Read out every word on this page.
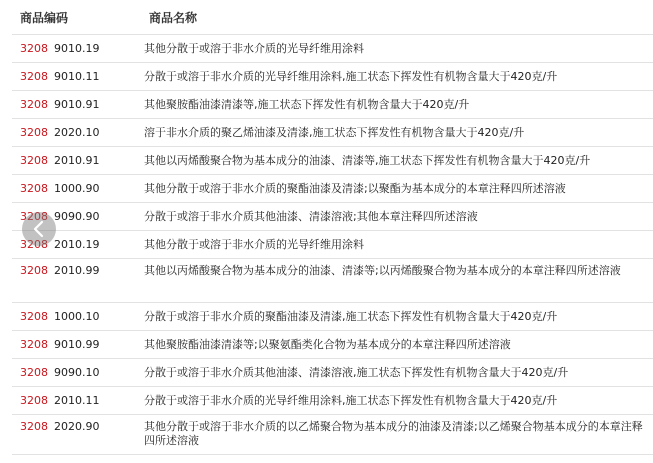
商品编码	商品名称
3208 9010.19	其他分散于或溶于非水介质的光导纤维用涂料
3208 9010.11	分散于或溶于非水介质的光导纤维用涂料,施工状态下挥发性有机物含量大于420克/升
3208 9010.91	其他聚胺酯油漆清漆等,施工状态下挥发性有机物含量大于420克/升
3208 2020.10	溶于非水介质的聚乙烯油漆及清漆,施工状态下挥发性有机物含量大于420克/升
3208 2010.91	其他以丙烯酸聚合物为基本成分的油漆、清漆等,施工状态下挥发性有机物含量大于420克/升
3208 1000.90	其他分散于或溶于非水介质的聚酯油漆及清漆;以聚酯为基本成分的本章注释四所述溶液
3208 9090.90	分散于或溶于非水介质其他油漆、清漆溶液;其他本章注释四所述溶液
3208 2010.19	其他分散于或溶于非水介质的光导纤维用涂料
3208 2010.99	其他以丙烯酸聚合物为基本成分的油漆、清漆等;以丙烯酸聚合物为基本成分的本章注释四所述溶液
3208 1000.10	分散于或溶于非水介质的聚酯油漆及清漆,施工状态下挥发性有机物含量大于420克/升
3208 9010.99	其他聚胺酯油漆清漆等;以聚氨酯类化合物为基本成分的本章注释四所述溶液
3208 9090.10	分散于或溶于非水介质其他油漆、清漆溶液,施工状态下挥发性有机物含量大于420克/升
3208 2010.11	分散于或溶于非水介质的光导纤维用涂料,施工状态下挥发性有机物含量大于420克/升
3208 2020.90	其他分散于或溶于非水介质的以乙烯聚合物为基本成分的油漆及清漆;以乙烯聚合物基本成分的本章注释四所述溶液
